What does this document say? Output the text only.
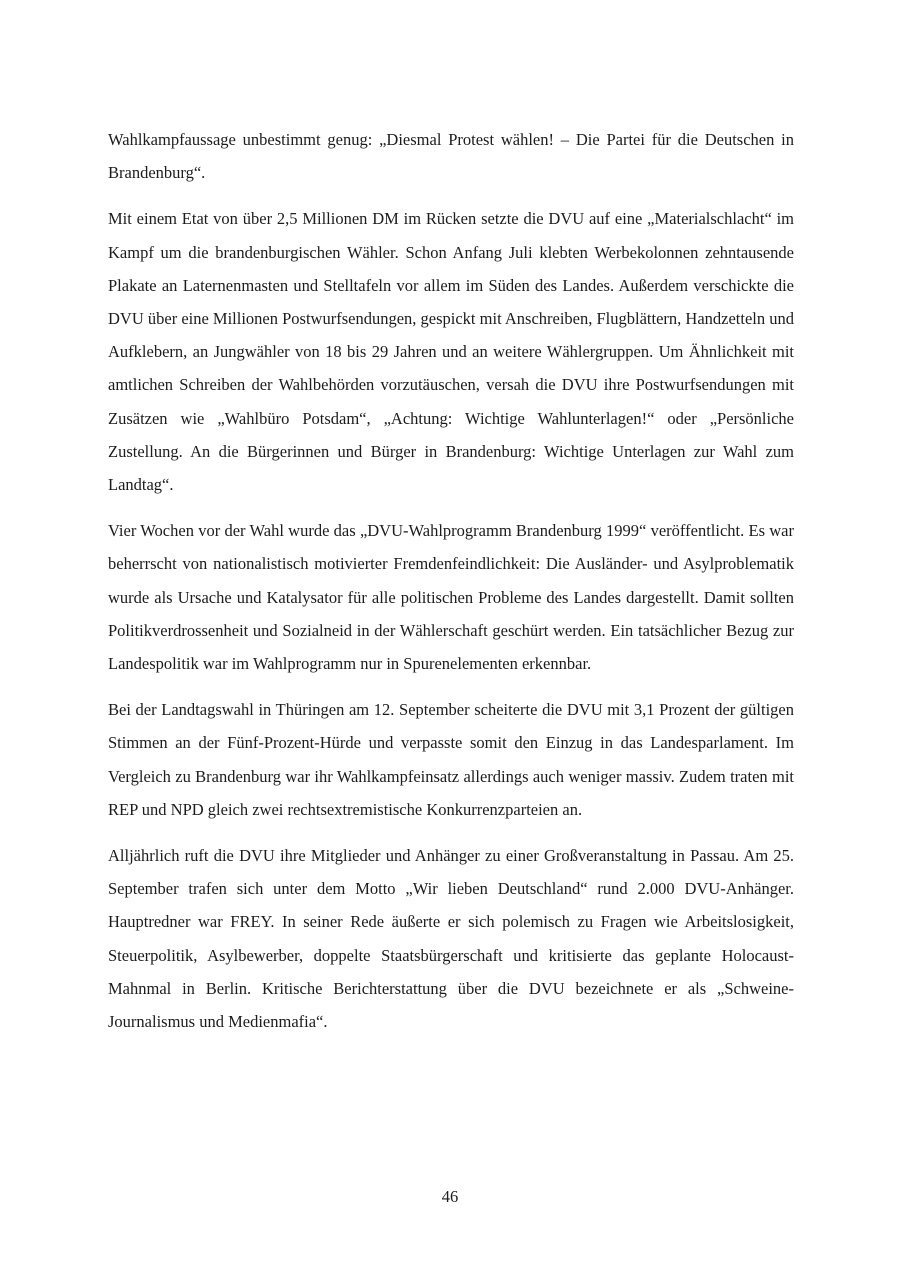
Wahlkampfaussage unbestimmt genug: „Diesmal Protest wählen! – Die Partei für die Deutschen in Brandenburg“.

Mit einem Etat von über 2,5 Millionen DM im Rücken setzte die DVU auf eine „Materialschlacht“ im Kampf um die brandenburgischen Wähler. Schon Anfang Juli klebten Werbekolonnen zehntausende Plakate an Laternenmasten und Stelltafeln vor allem im Süden des Landes. Außerdem verschickte die DVU über eine Millionen Postwurfsendungen, gespickt mit Anschreiben, Flugblättern, Handzetteln und Aufklebern, an Jungwähler von 18 bis 29 Jahren und an weitere Wählergruppen. Um Ähnlichkeit mit amtlichen Schreiben der Wahlbehörden vorzutäuschen, versah die DVU ihre Postwurfsendungen mit Zusätzen wie „Wahlbüro Potsdam“, „Achtung: Wichtige Wahlunterlagen!“ oder „Persönliche Zustellung. An die Bürgerinnen und Bürger in Brandenburg: Wichtige Unterlagen zur Wahl zum Landtag“.

Vier Wochen vor der Wahl wurde das „DVU-Wahlprogramm Brandenburg 1999“ veröffentlicht. Es war beherrscht von nationalistisch motivierter Fremdenfeindlichkeit: Die Ausländer- und Asylproblematik wurde als Ursache und Katalysator für alle politischen Probleme des Landes dargestellt. Damit sollten Politikverdrossenheit und Sozialneid in der Wählerschaft geschürt werden. Ein tatsächlicher Bezug zur Landespolitik war im Wahlprogramm nur in Spurenelementen erkennbar.

Bei der Landtagswahl in Thüringen am 12. September scheiterte die DVU mit 3,1 Prozent der gültigen Stimmen an der Fünf-Prozent-Hürde und verpasste somit den Einzug in das Landesparlament. Im Vergleich zu Brandenburg war ihr Wahlkampfeinsatz allerdings auch weniger massiv. Zudem traten mit REP und NPD gleich zwei rechtsextremistische Konkurrenzparteien an.

Alljährlich ruft die DVU ihre Mitglieder und Anhänger zu einer Großveranstaltung in Passau. Am 25. September trafen sich unter dem Motto „Wir lieben Deutschland“ rund 2.000 DVU-Anhänger. Hauptredner war FREY. In seiner Rede äußerte er sich polemisch zu Fragen wie Arbeitslosigkeit, Steuerpolitik, Asylbewerber, doppelte Staatsbürgerschaft und kritisierte das geplante Holocaust-Mahnmal in Berlin. Kritische Berichterstattung über die DVU bezeichnete er als „Schweine-Journalismus und Medienmafia“.

46
